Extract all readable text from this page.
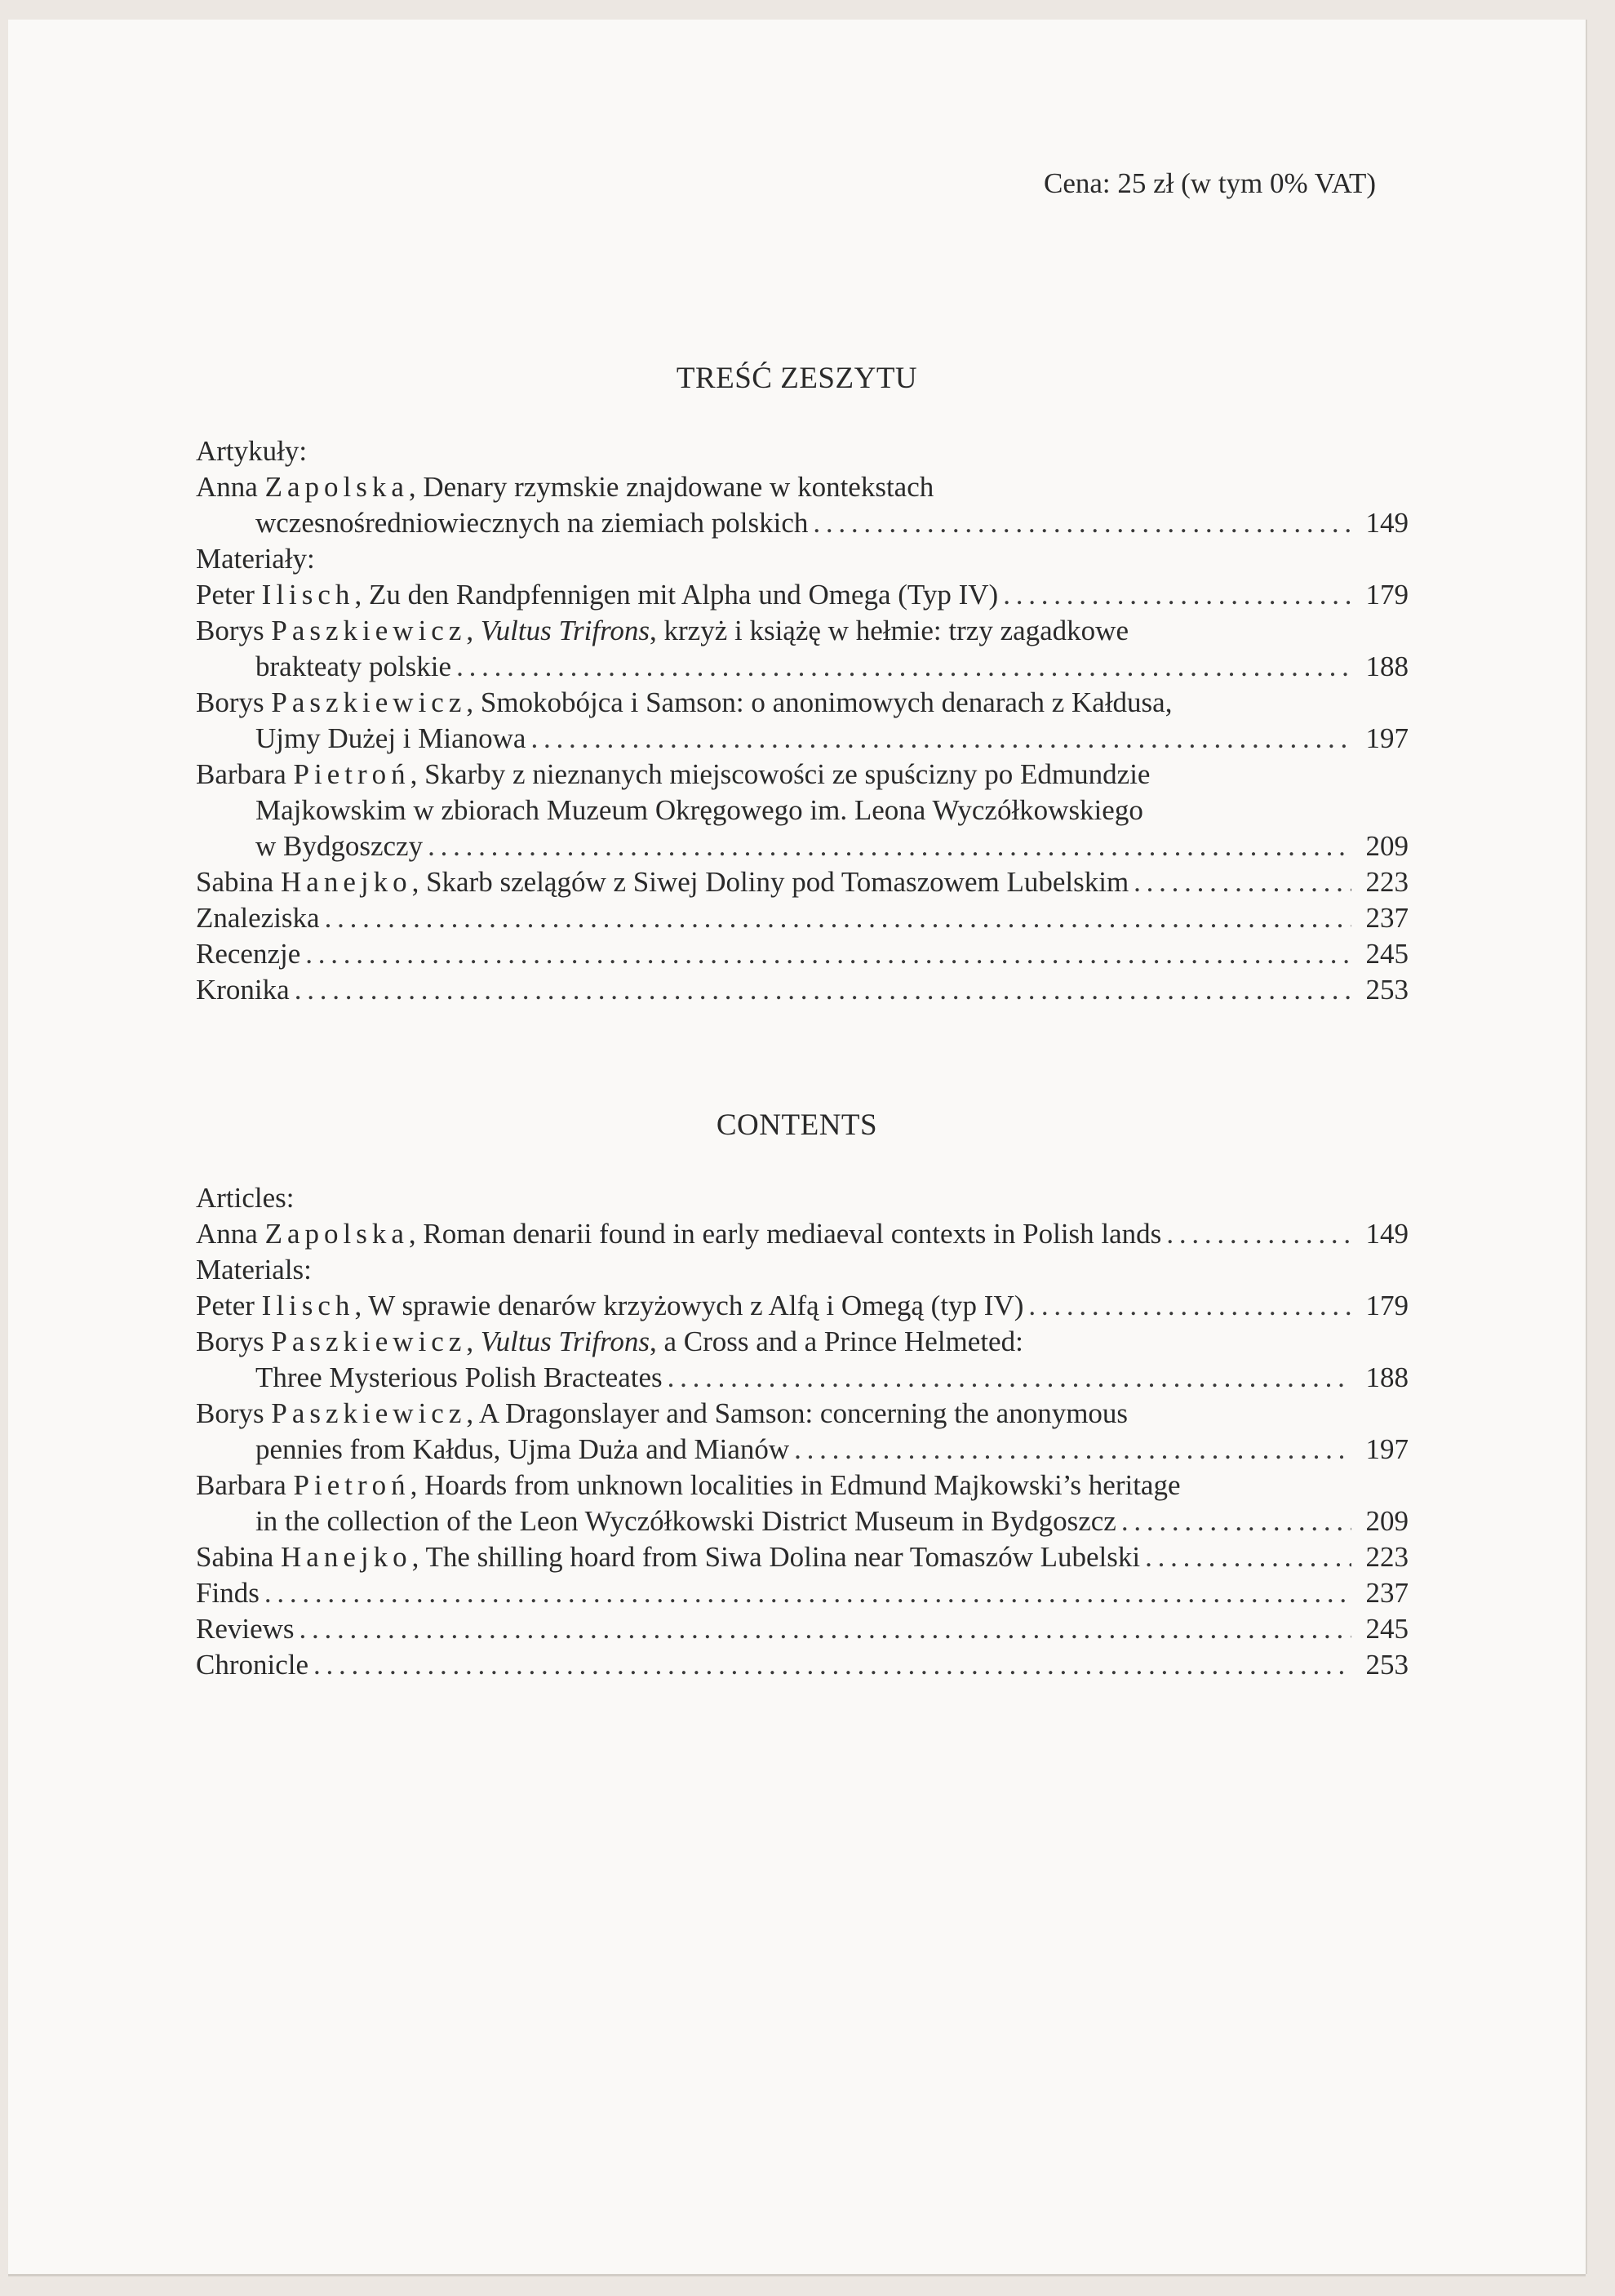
Cena: 25 zł (w tym 0% VAT)
TREŚĆ ZESZYTU
Artykuły:
Anna Zapolska, Denary rzymskie znajdowane w kontekstach
wczesnośredniowiecznych na ziemiach polskich . . .	149
Materiały:
Peter Ilisch, Zu den Randpfennigen mit Alpha und Omega (Typ IV) . . .	179
Borys Paszkiewicz, Vultus Trifrons, krzyż i książę w hełmie: trzy zagadkowe
brakteaty polskie . . .	188
Borys Paszkiewicz, Smokobójca i Samson: o anonimowych denarach z Kałdusa,
Ujmy Dużej i Mianowa . . .	197
Barbara Pietroń, Skarby z nieznanych miejscowości ze spuścizny po Edmundzie
Majkowskim w zbiorach Muzeum Okręgowego im. Leona Wyczółkowskiego
w Bydgoszczy . . .	209
Sabina Hanejko, Skarb szelągów z Siwej Doliny pod Tomaszowem Lubelskim . . .	223
Znaleziska . . .	237
Recenzje . . .	245
Kronika . . .	253
CONTENTS
Articles:
Anna Zapolska, Roman denarii found in early mediaeval contexts in Polish lands . . .	149
Materials:
Peter Ilisch, W sprawie denarów krzyżowych z Alfą i Omegą (typ IV) . . .	179
Borys Paszkiewicz, Vultus Trifrons, a Cross and a Prince Helmeted:
Three Mysterious Polish Bracteates . . .	188
Borys Paszkiewicz, A Dragonslayer and Samson: concerning the anonymous
pennies from Kałdus, Ujma Duża and Mianów . . .	197
Barbara Pietroń, Hoards from unknown localities in Edmund Majkowski’s heritage
in the collection of the Leon Wyczółkowski District Museum in Bydgoszcz . . .	209
Sabina Hanejko, The shilling hoard from Siwa Dolina near Tomaszów Lubelski . . .	223
Finds . . .	237
Reviews . . .	245
Chronicle . . .	253
